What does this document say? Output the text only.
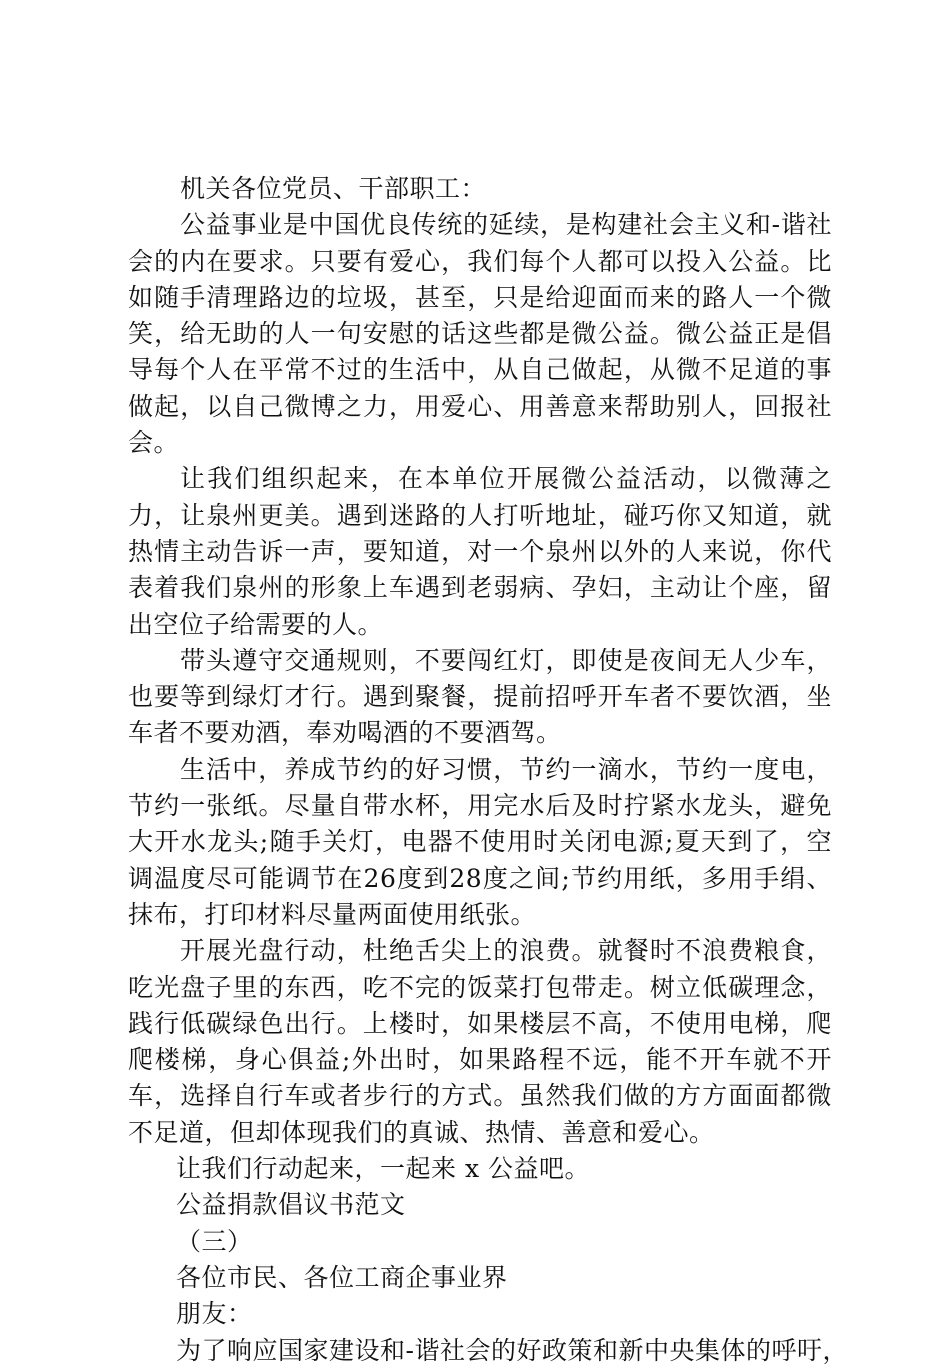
机关各位党员、干部职工：

公益事业是中国优良传统的延续，是构建社会主义和-谐社会的内在要求。只要有爱心，我们每个人都可以投入公益。比如随手清理路边的垃圾，甚至，只是给迎面而来的路人一个微笑，给无助的人一句安慰的话这些都是微公益。微公益正是倡导每个人在平常不过的生活中，从自己做起，从微不足道的事做起，以自己微博之力，用爱心、用善意来帮助别人，回报社会。

让我们组织起来，在本单位开展微公益活动，以微薄之力，让泉州更美。遇到迷路的人打听地址，碰巧你又知道，就热情主动告诉一声，要知道，对一个泉州以外的人来说，你代表着我们泉州的形象上车遇到老弱病、孕妇，主动让个座，留出空位子给需要的人。

带头遵守交通规则，不要闯红灯，即使是夜间无人少车，也要等到绿灯才行。遇到聚餐，提前招呼开车者不要饮酒，坐车者不要劝酒，奉劝喝酒的不要酒驾。

生活中，养成节约的好习惯，节约一滴水，节约一度电，节约一张纸。尽量自带水杯，用完水后及时拧紧水龙头，避免大开水龙头;随手关灯，电器不使用时关闭电源;夏天到了，空调温度尽可能调节在26度到28度之间;节约用纸，多用手绢、抹布，打印材料尽量两面使用纸张。

开展光盘行动，杜绝舌尖上的浪费。就餐时不浪费粮食，吃光盘子里的东西，吃不完的饭菜打包带走。树立低碳理念，践行低碳绿色出行。上楼时，如果楼层不高，不使用电梯，爬爬楼梯，身心俱益;外出时，如果路程不远，能不开车就不开车，选择自行车或者步行的方式。虽然我们做的方方面面都微不足道，但却体现我们的真诚、热情、善意和爱心。

让我们行动起来，一起来 x 公益吧。

公益捐款倡议书范文

（三）

各位市民、各位工商企事业界

朋友：

为了响应国家建设和-谐社会的好政策和新中央集体的呼吁，
